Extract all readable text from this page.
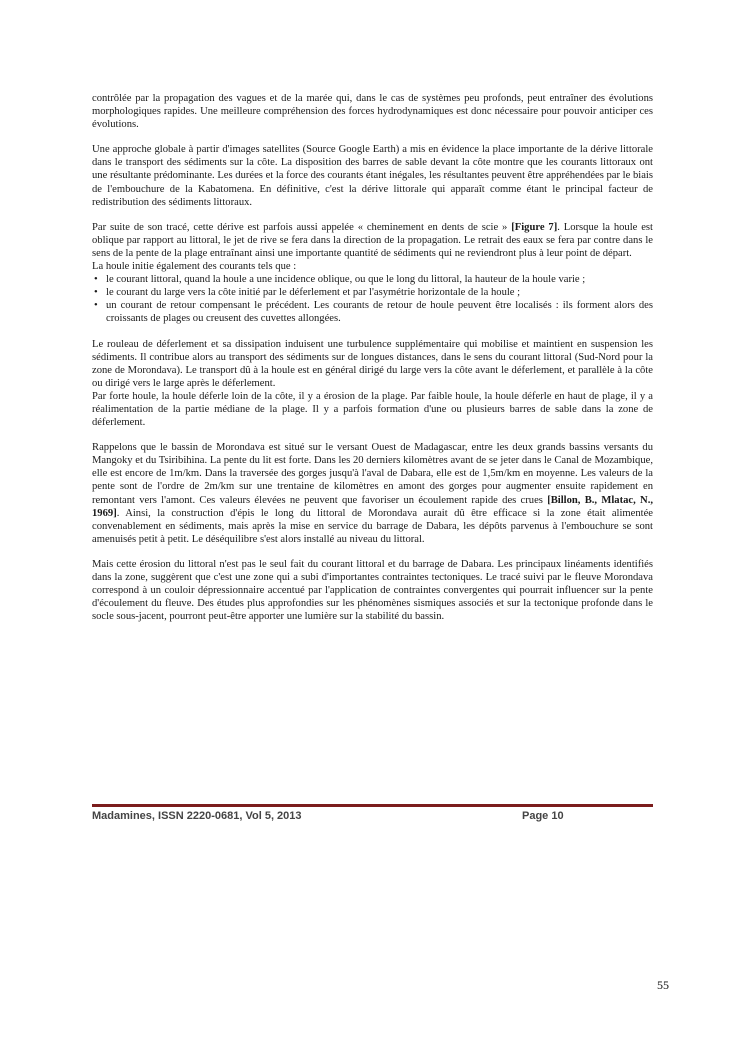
contrôlée par la propagation des vagues et de la marée qui, dans le cas de systèmes peu profonds, peut entraîner des évolutions morphologiques rapides. Une meilleure compréhension des forces hydrodynamiques est donc nécessaire pour pouvoir anticiper ces évolutions.

Une approche globale à partir d'images satellites (Source Google Earth) a mis en évidence la place importante de la dérive littorale dans le transport des sédiments sur la côte. La disposition des barres de sable devant la côte montre que les courants littoraux ont une résultante prédominante. Les durées et la force des courants étant inégales, les résultantes peuvent être appréhendées par le biais de l'embouchure de la Kabatomena. En définitive, c'est la dérive littorale qui apparaît comme étant le principal facteur de redistribution des sédiments littoraux.

Par suite de son tracé, cette dérive est parfois aussi appelée « cheminement en dents de scie » [Figure 7]. Lorsque la houle est oblique par rapport au littoral, le jet de rive se fera dans la direction de la propagation. Le retrait des eaux se fera par contre dans le sens de la pente de la plage entraînant ainsi une importante quantité de sédiments qui ne reviendront plus à leur point de départ.

La houle initie également des courants tels que :

• le courant littoral, quand la houle a une incidence oblique, ou que le long du littoral, la hauteur de la houle varie ;
• le courant du large vers la côte initié par le déferlement et par l'asymétrie horizontale de la houle ;
• un courant de retour compensant le précédent. Les courants de retour de houle peuvent être localisés : ils forment alors des croissants de plages ou creusent des cuvettes allongées.

Le rouleau de déferlement et sa dissipation induisent une turbulence supplémentaire qui mobilise et maintient en suspension les sédiments. Il contribue alors au transport des sédiments sur de longues distances, dans le sens du courant littoral (Sud-Nord pour la zone de Morondava). Le transport dû à la houle est en général dirigé du large vers la côte avant le déferlement, et parallèle à la côte ou dirigé vers le large après le déferlement.

Par forte houle, la houle déferle loin de la côte, il y a érosion de la plage. Par faible houle, la houle déferle en haut de plage, il y a réalimentation de la partie médiane de la plage. Il y a parfois formation d'une ou plusieurs barres de sable dans la zone de déferlement.

Rappelons que le bassin de Morondava est situé sur le versant Ouest de Madagascar, entre les deux grands bassins versants du Mangoky et du Tsiribihina. La pente du lit est forte. Dans les 20 derniers kilomètres avant de se jeter dans le Canal de Mozambique, elle est encore de 1m/km. Dans la traversée des gorges jusqu'à l'aval de Dabara, elle est de 1,5m/km en moyenne. Les valeurs de la pente sont de l'ordre de 2m/km sur une trentaine de kilomètres en amont des gorges pour augmenter ensuite rapidement en remontant vers l'amont. Ces valeurs élevées ne peuvent que favoriser un écoulement rapide des crues [Billon, B., Mlatac, N., 1969]. Ainsi, la construction d'épis le long du littoral de Morondava aurait dû être efficace si la zone était alimentée convenablement en sédiments, mais après la mise en service du barrage de Dabara, les dépôts parvenus à l'embouchure se sont amenuisés petit à petit. Le déséquilibre s'est alors installé au niveau du littoral.

Mais cette érosion du littoral n'est pas le seul fait du courant littoral et du barrage de Dabara. Les principaux linéaments identifiés dans la zone, suggèrent que c'est une zone qui a subi d'importantes contraintes tectoniques. Le tracé suivi par le fleuve Morondava correspond à un couloir dépressionnaire accentué par l'application de contraintes convergentes qui pourrait influencer sur la pente d'écoulement du fleuve. Des études plus approfondies sur les phénomènes sismiques associés et sur la tectonique profonde dans le socle sous-jacent, pourront peut-être apporter une lumière sur la stabilité du bassin.

Madamines, ISSN 2220-0681, Vol 5, 2013	Page 10
55
